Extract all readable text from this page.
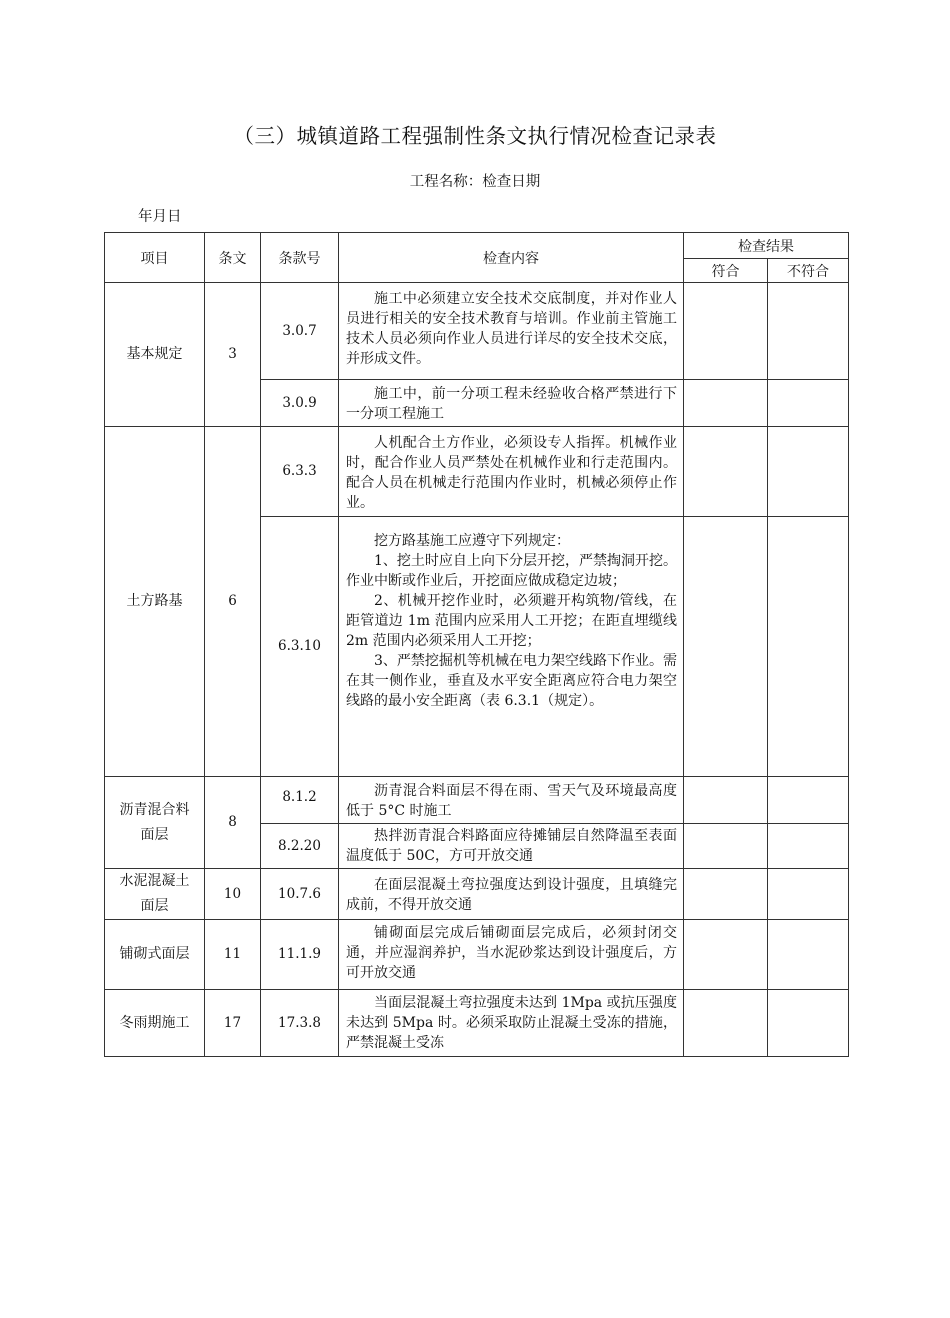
（三）城镇道路工程强制性条文执行情况检查记录表
工程名称：检查日期
年月日
项目	条文	条款号	检查内容	检查结果	
				符合	不符合
基本规定	3	3.0.7	施工中必须建立安全技术交底制度，并对作业人员进行相关的安全技术教育与培训。作业前主管施工技术人员必须向作业人员进行详尽的安全技术交底，并形成文件。		

		3.0.9	施工中，前一分项工程未经验收合格严禁进行下一分项工程施工		

土方路基	6	6.3.3	人机配合土方作业，必须设专人指挥。机械作业时，配合作业人员严禁处在机械作业和行走范围内。配合人员在机械走行范围内作业时，机械必须停止作业。		

		6.3.10	挖方路基施工应遵守下列规定：

1、挖土时应自上向下分层开挖，严禁掏洞开挖。作业中断或作业后，开挖面应做成稳定边坡；

2、机械开挖作业时，必须避开构筑物/管线，在距管道边 1m 范围内应采用人工开挖；在距直埋缆线 2m 范围内必须采用人工开挖；

3、严禁挖掘机等机械在电力架空线路下作业。需在其一侧作业，垂直及水平安全距离应符合电力架空线路的最小安全距离（表 6.3.1（规定）。		

沥青混合料
面层	8	8.1.2	沥青混合料面层不得在雨、雪天气及环境最高度低于 5°C 时施工		

		8.2.20	热拌沥青混合料路面应待摊铺层自然降温至表面温度低于 50C，方可开放交通		

水泥混凝土
面层	10	10.7.6	在面层混凝土弯拉强度达到设计强度，且填缝完成前，不得开放交通		

铺砌式面层	11	11.1.9	铺砌面层完成后铺砌面层完成后，必须封闭交通，并应湿润养护，当水泥砂浆达到设计强度后，方可开放交通		

冬雨期施工	17	17.3.8	当面层混凝土弯拉强度未达到 1Mpa 或抗压强度未达到 5Mpa 时。必须采取防止混凝土受冻的措施，严禁混凝土受冻		
